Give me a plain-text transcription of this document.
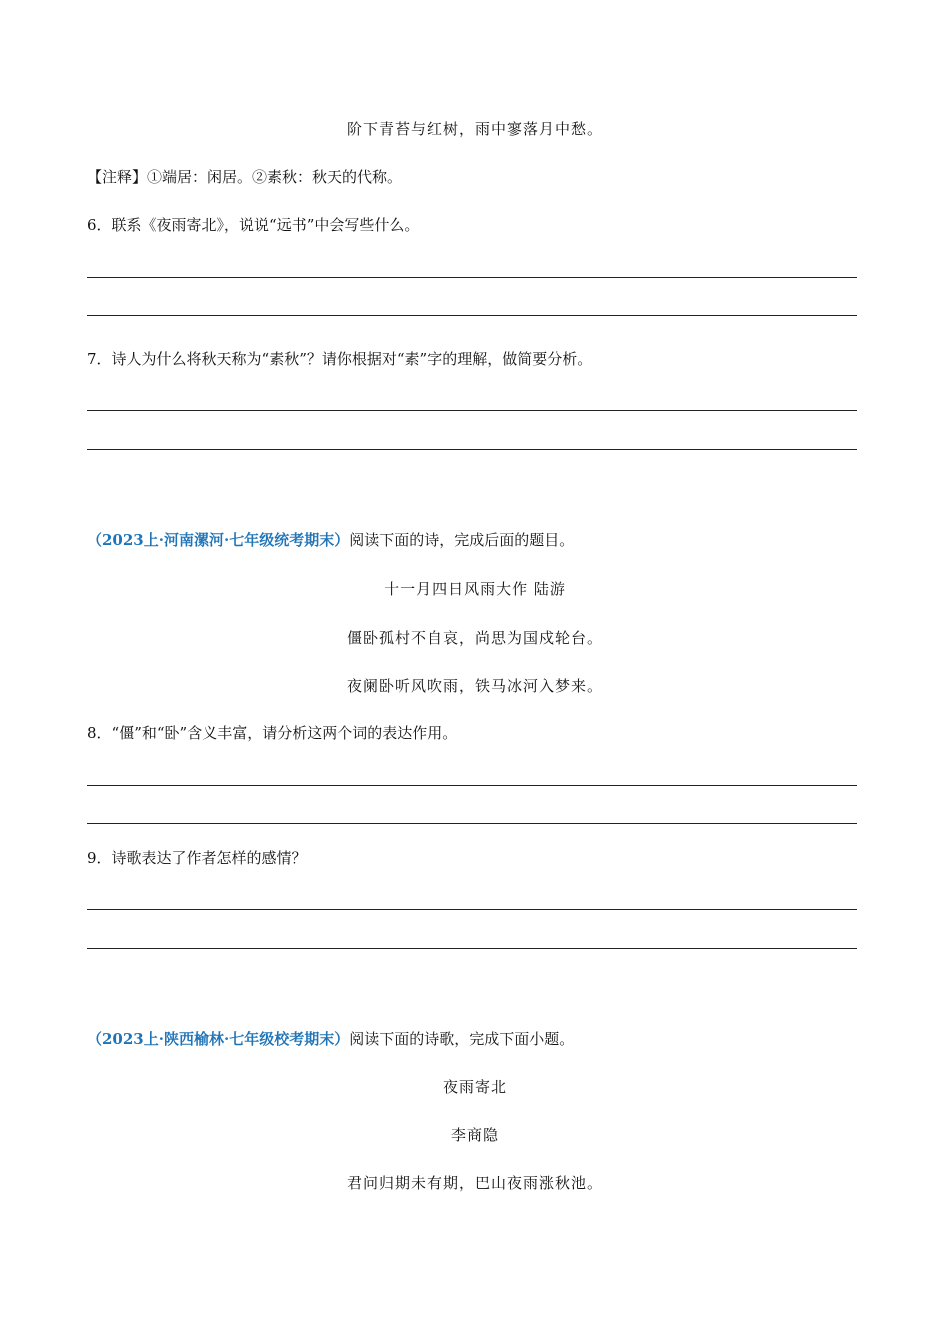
阶下青苔与红树，雨中寥落月中愁。
【注释】①端居：闲居。②素秋：秋天的代称。
6．联系《夜雨寄北》，说说“远书”中会写些什么。
7．诗人为什么将秋天称为“素秋”？请你根据对“素”字的理解，做简要分析。
（2023上·河南漯河·七年级统考期末）阅读下面的诗，完成后面的题目。
十一月四日风雨大作 陆游
僵卧孤村不自哀，尚思为国戍轮台。
夜阑卧听风吹雨，铁马冰河入梦来。
8．“僵”和“卧”含义丰富，请分析这两个词的表达作用。
9．诗歌表达了作者怎样的感情？
（2023上·陕西榆林·七年级校考期末）阅读下面的诗歌，完成下面小题。
夜雨寄北
李商隐
君问归期未有期，巴山夜雨涨秋池。
